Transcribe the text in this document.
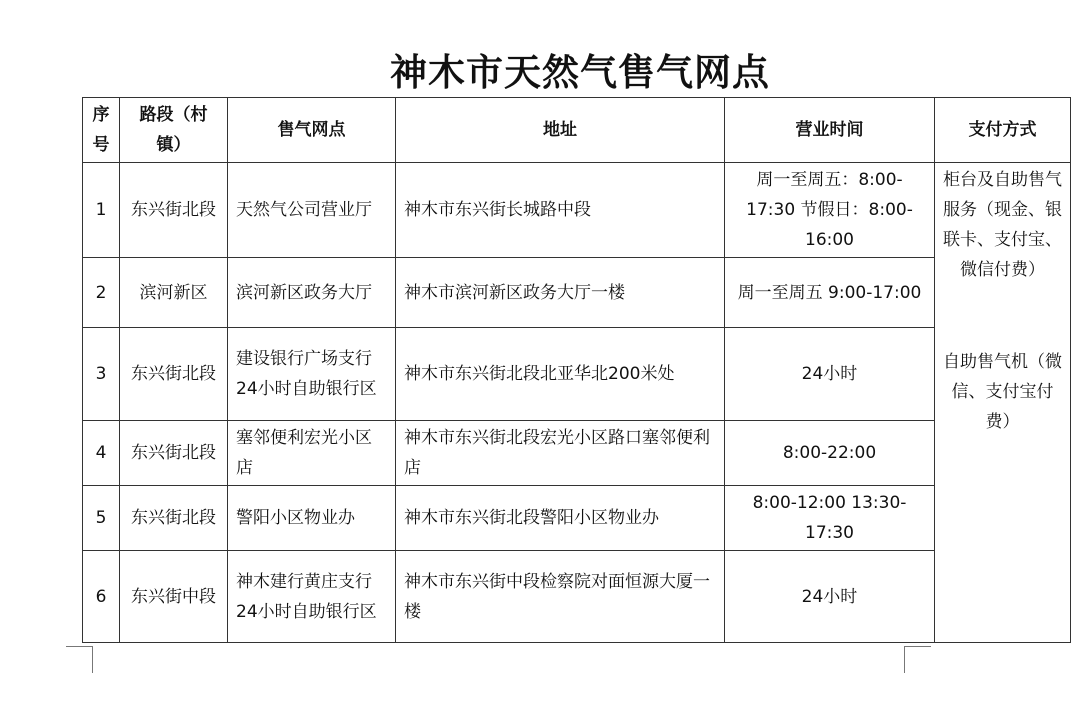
神木市天然气售气网点
序号	路段（村镇）	售气网点	地址	营业时间	支付方式
1	东兴街北段	天然气公司营业厅	神木市东兴街长城路中段	周一至周五：8:00-17:30 节假日：8:00-16:00	柜台及自助售气服务（现金、银联卡、支付宝、微信付费）
自助售气机（微信、支付宝付费）

2	滨河新区	滨河新区政务大厅	神木市滨河新区政务大厅一楼	周一至周五 9:00-17:00	
3	东兴街北段	建设银行广场支行24小时自助银行区	神木市东兴街北段北亚华北200米处	24小时	
4	东兴街北段	塞邻便利宏光小区店	神木市东兴街北段宏光小区路口塞邻便利店	8:00-22:00	
5	东兴街北段	警阳小区物业办	神木市东兴街北段警阳小区物业办	8:00-12:00 13:30-17:30	
6	东兴街中段	神木建行黄庄支行24小时自助银行区	神木市东兴街中段检察院对面恒源大厦一楼	24小时	
